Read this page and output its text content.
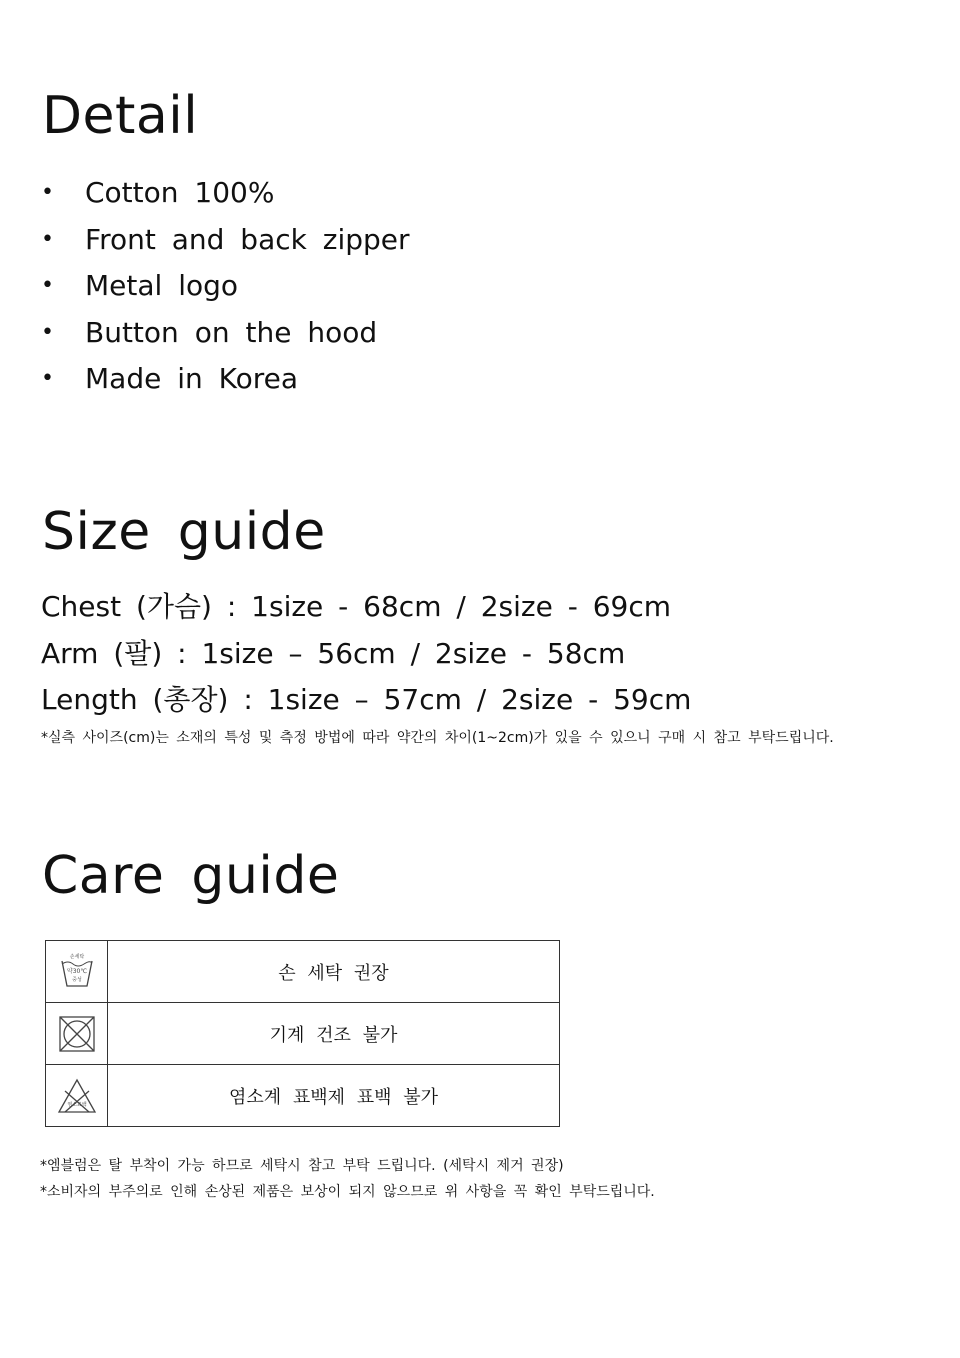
Detail
• Cotton 100%
• Front and back zipper
• Metal logo
• Button on the hood
• Made in Korea
Size guide
Chest (가슴) : 1size - 68cm / 2size - 69cm
Arm (팔) : 1size – 56cm / 2size - 58cm
Length (총장) : 1size – 57cm / 2size - 59cm
*실측 사이즈(cm)는 소재의 특성 및 측정 방법에 따라 약간의 차이(1~2cm)가 있을 수 있으니 구매 시 참고 부탁드립니다.
Care guide
손세탁
약30℃
중성	손 세탁 권장

	기계 건조 불가

염소표백	염소계 표백제 표백 불가
*엠블럼은 탈 부착이 가능 하므로 세탁시 참고 부탁 드립니다. (세탁시 제거 권장)
*소비자의 부주의로 인해 손상된 제품은 보상이 되지 않으므로 위 사항을 꼭 확인 부탁드립니다.
